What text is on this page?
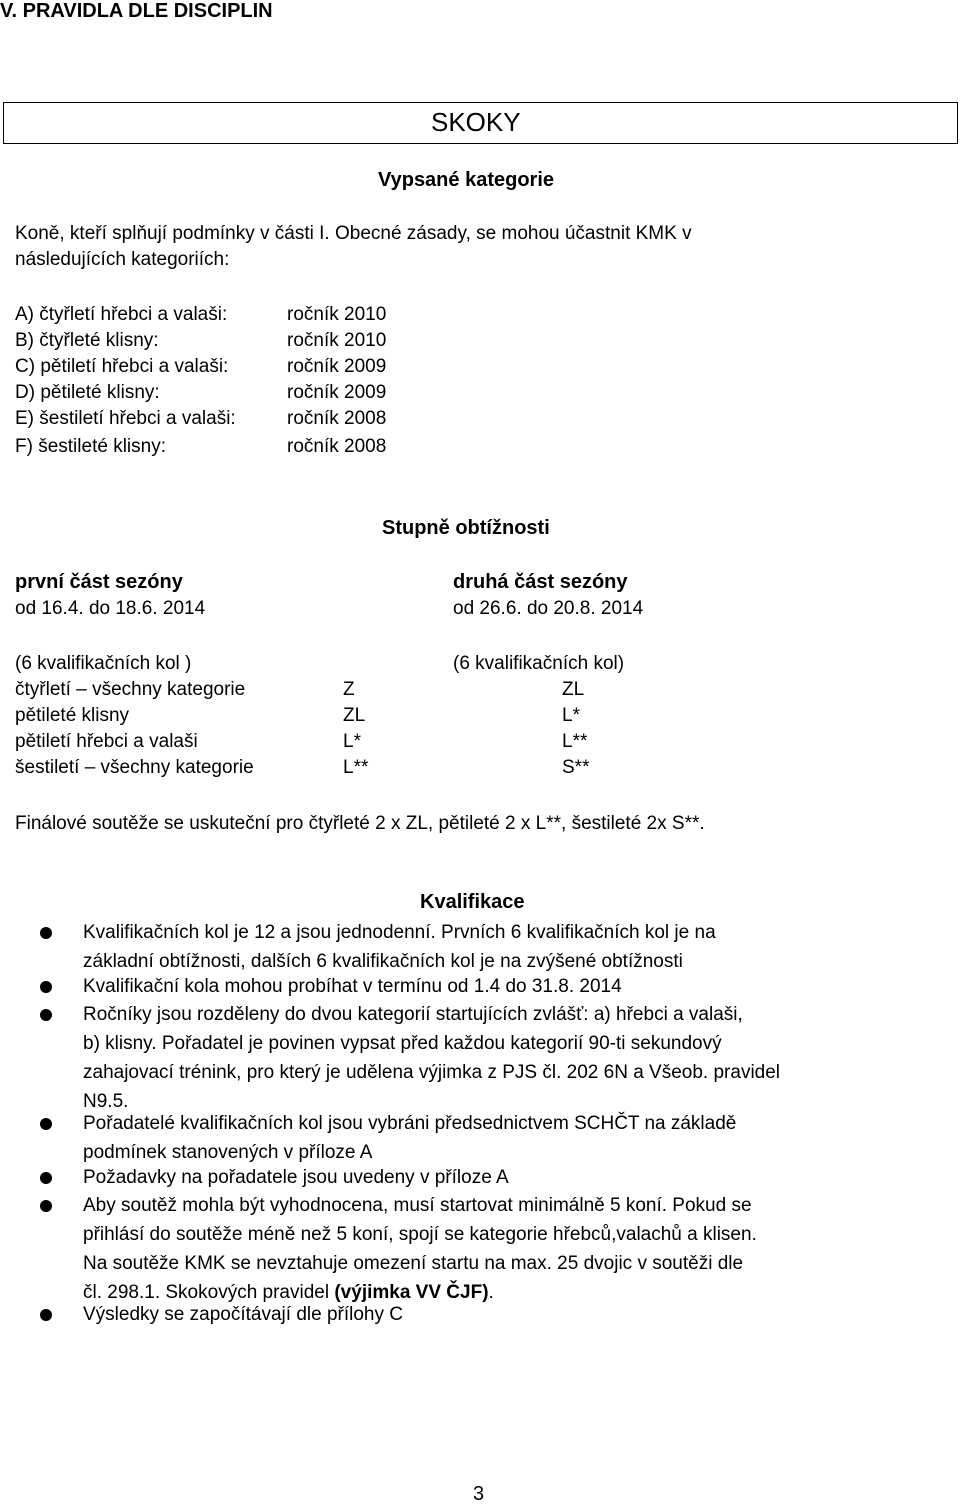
V. PRAVIDLA DLE DISCIPLIN
SKOKY
Vypsané kategorie
Koně, kteří splňují podmínky v části I. Obecné zásady, se mohou účastnit KMK v
následujících kategoriích:
A) čtyřletí hřebci a valaši:	ročník 2010
B) čtyřleté klisny:	ročník 2010
C) pětiletí hřebci a valaši:	ročník 2009
D) pětileté klisny:	ročník 2009
E) šestiletí hřebci a valaši:	ročník 2008
F) šestileté klisny:	ročník 2008
Stupně obtížnosti
první část sezóny	druhá část sezóny
od 16.4. do 18.6. 2014	od 26.6. do 20.8. 2014
(6 kvalifikačních kol )	(6 kvalifikačních kol)
čtyřletí – všechny kategorie	Z	ZL
pětileté klisny	ZL	L*
pětiletí hřebci a valaši	L*	L**
šestiletí – všechny kategorie	L**	S**
Finálové soutěže se uskuteční pro čtyřleté 2 x ZL, pětileté 2 x L**, šestileté 2x S**.
Kvalifikace
Kvalifikačních kol je 12 a jsou jednodenní. Prvních 6 kvalifikačních kol je na
základní obtížnosti, dalších 6 kvalifikačních kol je na zvýšené obtížnosti
Kvalifikační kola mohou probíhat v termínu od 1.4 do 31.8. 2014
Ročníky jsou rozděleny do dvou kategorií startujících zvlášť: a) hřebci a valaši,
b) klisny. Pořadatel je povinen vypsat před každou kategorií 90-ti sekundový
zahajovací trénink, pro který je udělena výjimka z PJS čl. 202 6N a Všeob. pravidel
N9.5.
Pořadatelé kvalifikačních kol jsou vybráni předsednictvem SCHČT na základě
podmínek stanovených v příloze A
Požadavky na pořadatele jsou uvedeny v příloze A
Aby soutěž mohla být vyhodnocena, musí startovat minimálně 5 koní. Pokud se
přihlásí do soutěže méně než 5 koní, spojí se kategorie hřebců,valachů a klisen.
Na soutěže KMK se nevztahuje omezení startu na max. 25 dvojic v soutěži dle
čl. 298.1. Skokových pravidel (výjimka VV ČJF).
Výsledky se započítávají dle přílohy C
3
